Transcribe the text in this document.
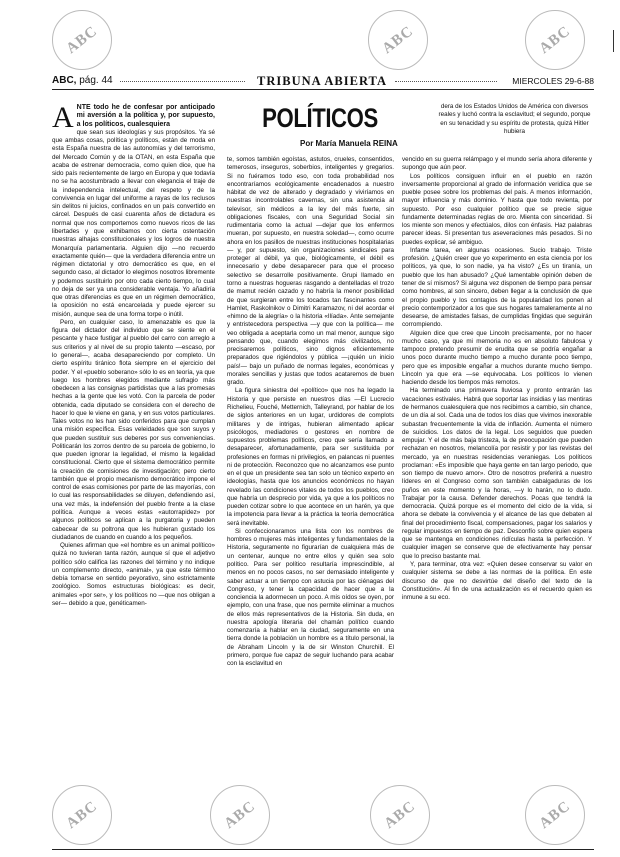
ABC, pág. 44	TRIBUNA ABIERTA	MIERCOLES 29-6-88
POLÍTICOS
Por María Manuela REINA

A NTE todo he de confesar por anticipado mi aversión a la política y, por supuesto, a los políticos, cualesquiera

que sean sus ideologías y sus propósitos. Ya sé que ambas cosas, política y políticos, están de moda en esta España nuestra de las autonomías y del terrorismo, del Mercado Común y de la OTAN, en esta España que acaba de estrenar democracia, como quien dice, que ha sido país recientemente de largo en Europa y que todavía no se ha acostumbrado a llevar con elegancia el traje de la independencia intelectual, del respeto y de la convivencia en lugar del uniforme a rayas de los reclusos sin delitos ni juicios, confinados en un país convertido en cárcel. Después de casi cuarenta años de dictadura es normal que nos comportemos como nuevos ricos de las libertades y que exhibamos con cierta ostentación nuestras alhajas constitucionales y los logros de nuestra Monarquía parlamentaria. Alguien dijo —no recuerdo exactamente quién— que la verdadera diferencia entre un régimen dictatorial y otro democrático es que, en el segundo caso, al dictador lo elegimos nosotros libremente y podemos sustituirlo por otro cada cierto tiempo, lo cual no deja de ser ya una considerable ventaja. Yo añadiría que otras diferencias es que en un régimen democrático, la oposición no está encarcelada y puede ejercer su misión, aunque sea de una forma torpe o inútil.

Pero, en cualquier caso, lo amenazable es que la figura del dictador del individuo que se siente en el pescante y hace fustigar al pueblo del carro con arreglo a sus criterios y al nivel de su propio talento —escaso, por lo general—, acaba desapareciendo por completo. Un cierto espíritu tiránico flota siempre en el ejercicio del poder. Y el «pueblo soberano» sólo lo es en teoría, ya que luego los hombres elegidos mediante sufragio más obedecen a las consignas partidistas que a las promesas hechas a la gente que les votó. Con la parcela de poder obtenida, cada diputado se considera con el derecho de hacer lo que le viene en gana, y en sus votos particulares. Tales votos no les han sido conferidos para que cumplan una misión específica. Esas veleidades que son suyos y que pueden sustituir sus deberes por sus conveniencias. Politicarán los zorros dentro de su parcela de gobierno, lo que pueden ignorar la legalidad, el mismo la legalidad constitucional. Cierto que el sistema democrático permite la creación de comisiones de investigación; pero cierto también que el propio mecanismo democrático impone el control de esas comisiones por parte de las mayorías, con lo cual las responsabilidades se diluyen, defendiendo así, una vez más, la indefensión del pueblo frente a la clase política. Aunque a veces estas «autorrapidez» por algunos políticos se aplican a la purgatoria y pueden cabecear de su poltrona que les hubieran gustado los ciudadanos de cuando en cuando a los pequeños.

Quienes afirman que «el hombre es un animal político» quizá no tuvieran tanta razón, aunque sí que el adjetivo político sólo califica las razones del término y no indique un complemento directo, «animal», ya que este término debía tomarse en sentido peyorativo, sino estrictamente zoológico. Somos estructuras biológicas: es decir, animales «por ser», y los políticos no —que nos obligan a ser— debido a que, genéticamen-

te, somos también egoístas, astutos, crueles, consentidos, temerosos, inseguros, soberbios, inteligentes y gregarios. Si no fuéramos todo eso, con toda probabilidad nos encontraríamos ecológicamente encadenados a nuestro hábitat de vez de alterado y degradado y viviríamos en nuestras incontrolables cavernas, sin una asistencia al televisor, sin médicos a la ley del más fuerte, sin obligaciones fiscales, con una Seguridad Social sin rudimentaria como la actual —dejar que los enfermos mueran, por supuesto, en nuestra soledad—, como ocurre ahora en los pasillos de nuestras instituciones hospitalarias— y, por supuesto, sin organizaciones sindicales para proteger al débil, ya que, biológicamente, el débil es innecesario y debe desaparecer para que el proceso selectivo se desarrolle positivamente. Grupi llamado en torno a nuestras hogueras rasgando a dentelladas el trozo de mamut recién cazado y no habría la menor posibilidad de que surgieran entre los tocados tan fascinantes como Hamlet, Raskolnikov o Dimitri Karamazov, ni del acordar el «himno de la alegría» o la historia «Ilíada». Ante semejante y entristecedora perspectiva —y que con la política— me veo obligada a aceptarla como un mal menor, aunque sigo pensando que, cuando elegimos más civilizados, no precisaremos políticos, sino dignos eficientemente preparados que rigiéndolos y pública —¡quién un inicio país!— bajo un puñado de normas legales, económicas y morales sencillas y justas que todos acataremos de buen grado.

La figura siniestra del «político» que nos ha legado la Historia y que persiste en nuestros días —El Lucrecio Richelieu, Fouché, Metternich, Talleyrand, por hablar de los de siglos anteriores en un lugar, urdidores de complots militares y de intrigas, hubieran alimentado aplicar psicólogos, mediadores o gestores en nombre de supuestos problemas políticos, creo que sería llamado a desaparecer, afortunadamente, para ser sustituida por profesiones en formas ni privilegios, en palancas ni puentes ni de protección. Reconozco que no alcanzamos ese punto en el que un presidente sea tan solo un técnico experto en ideologías, hasta que los anuncios económicos no hayan revelado las condiciones vitales de todos los pueblos, creo que habría un desprecio por vida, ya que a los políticos no pueden cotizar sobre lo que acontece en un harén, ya que la impotencia para llevar a la práctica la teoría democrática será inevitable.

Si confeccionaramos una lista con los nombres de hombres o mujeres más inteligentes y fundamentales de la Historia, seguramente no figurarían de cualquiera más de un centenar, aunque no entre ellos y quién sea solo político. Para ser político resultaría imprescindible, al menos en no pocos casos, no ser demasiado inteligente y saber actuar a un tiempo con astucia por las ciénagas del Congreso, y tener la capacidad de hacer que a la conciencia la adormecen un poco. A mis oídos se oyen, por ejemplo, con una frase, que nos permite eliminar a muchos de ellos más representativos de la Historia. Sin duda, en nuestra apología literaria del chamán político cuando comenzaría a hablar en la ciudad, seguramente en una tierra donde la población un hombre es a título personal, la de Abraham Lincoln y la de sir Winston Churchill. El primero, porque fue capaz de seguir luchando para acabar con la esclavitud en

dera de los Estados Unidos de América con diversos reales y luchó contra la esclavitud; el segundo, porque en su tenacidad y su espíritu de protesta, quizá Hitler hubiera

vencido en su guerra relámpago y el mundo sería ahora diferente y supongo que aún peor.

Los políticos consiguen influir en el pueblo en razón inversamente proporcional al grado de información veridica que se pueble posee sobre los problemas del país. A menos información, mayor influencia y más dominio. Y hasta que todo revienta, por supuesto. Por eso cualquier político que se precie sigue fundamente determinadas reglas de oro. Mienta con sinceridad. Si los miente son menos y efectúalos, dilos con énfasis. Haz palabras parecer ideas. Si presentan tus aseveraciones más pesados. Si no puedes explicar, sé ambiguo.

Infame tarea, en algunas ocasiones. Sucio trabajo. Triste profesión. ¿Quién creer que yo experimento en esta ciencia por los políticos, ya que, lo son nadie, ya ha visto? ¿Es un tiranía, un pueblo que los han abusado? ¿Qué lamentable opinión deben de tener de sí mismos? Si alguna vez disponen de tiempo para pensar como hombres, al son sincero, deben llegar a la conclusión de que el propio pueblo y los contagios de la popularidad los ponen al precio contemporizador a los que sus hogares tamaleramente al no desearse, de amistades falsas, de cumplidas fingidas que seguirán corrompiendo.

Alguien dice que cree que Lincoln precisamente, por no hacer mucho caso, ya que mi memoria no es en absoluto fabulosa y tampoco pretendo presumir de erudita que se podría engañar a unos poco durante mucho tiempo a mucho durante poco tiempo, pero que es imposible engañar a muchos durante mucho tiempo. Lincoln ya que era —se equivocaba. Los políticos lo vienen haciendo desde los tiempos más remotos.

Ha terminado una primavera lluviosa y pronto entrarán las vacaciones estivales. Habrá que soportar las insidias y las mentiras de hermanos cualesquiera que nos recibimos a cambio, sin chance, de un día al sol. Cada una de todos los días que vivimos inexorable subastan frecuentemente la vida de inflación. Aumenta el número de suicidios. Los datos de la legal. Los seguidos que pueden empujar. Y el de más baja tristeza, la de preocupación que pueden rechazan en nosotros, melancolía por resistir y por las revistas del mercado, ya en nuestras residencias veraniegas. Los políticos proclaman: «Es imposible que haya gente en tan largo periodo, que son tiempo de nuevo amor». Otro de nosotros preferirá a nuestro líderes en el Congreso como son también cabalgaduras de los puños en este momento y la horas, —y lo harán, no lo dudo. Trabajar por la causa. Defender derechos. Pocas que tendrá la democracia. Quizá porque es el momento del ciclo de la vida, si ahora se debate la convivencia y el alcance de las que debaten al final del procedimiento fiscal, compensaciones, pagar los salarios y regular impuestos en tiempo de paz. Desconfío sobre quien espera que se mantenga en condiciones ridículas hasta la perfección. Y cualquier imagen se conserve que de efectivamente hay pensar que lo preciso bastante mal.

Y, para terminar, otra vez: «Quien desee conservar su valor en cualquier sistema se debe a las normas de la política. En este discurso de que no desvirtúe del diseño del texto de la Constitución». Al fin de una actualización es el recuerdo quien es inmune a su eco.

ABC	ABC
ABC	ABC	ABC	ABC
ABC
